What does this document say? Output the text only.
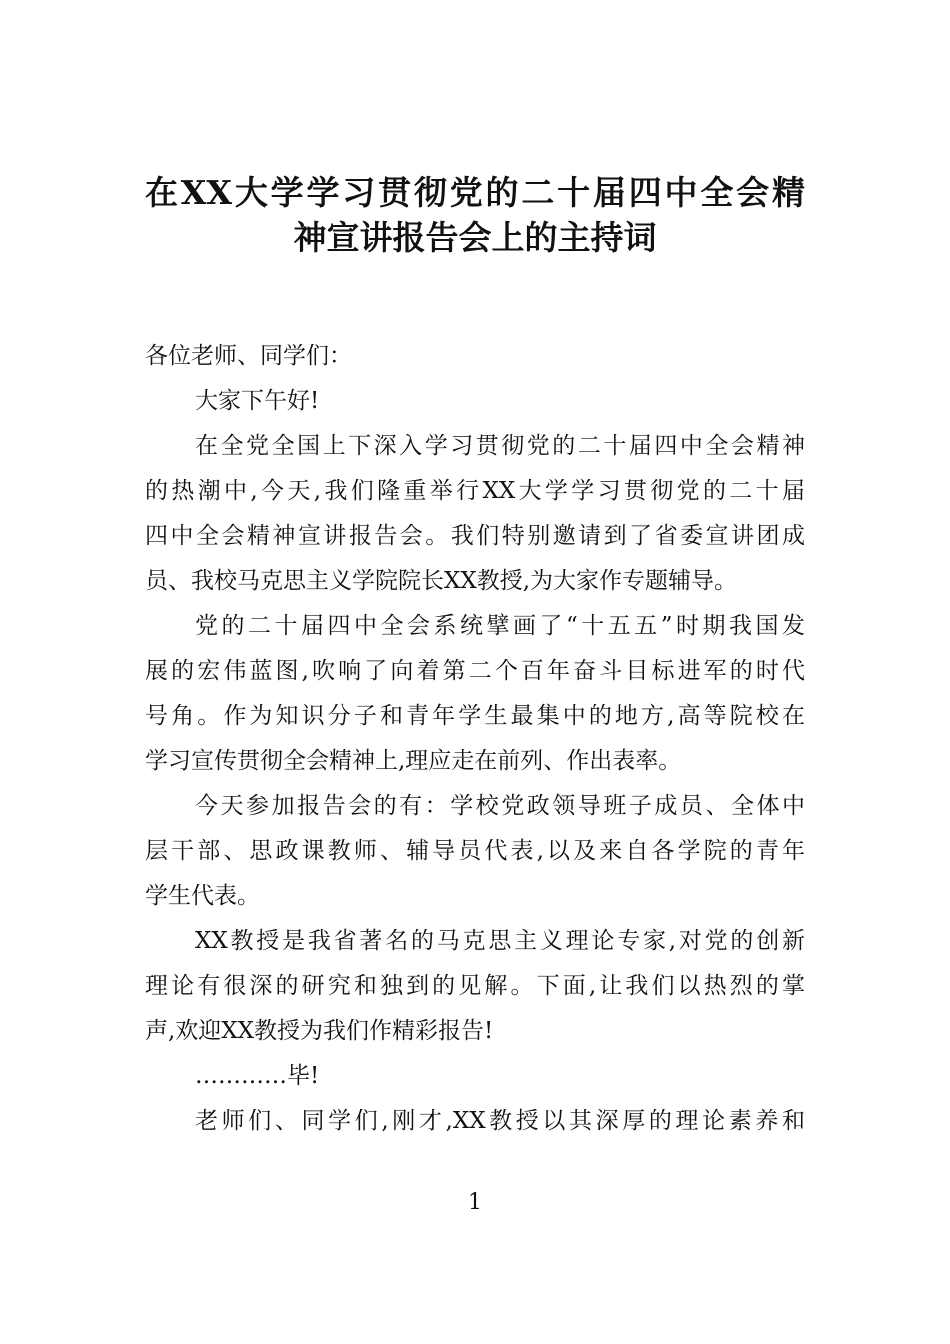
在XX大学学习贯彻党的二十届四中全会精
神宣讲报告会上的主持词
各位老师、同学们：
大家下午好!
在全党全国上下深入学习贯彻党的二十届四中全会精神
的热潮中,今天,我们隆重举行XX大学学习贯彻党的二十届
四中全会精神宣讲报告会。我们特别邀请到了省委宣讲团成
员、我校马克思主义学院院长XX教授,为大家作专题辅导。
党的二十届四中全会系统擘画了“十五五”时期我国发
展的宏伟蓝图,吹响了向着第二个百年奋斗目标进军的时代
号角。作为知识分子和青年学生最集中的地方,高等院校在
学习宣传贯彻全会精神上,理应走在前列、作出表率。
今天参加报告会的有：学校党政领导班子成员、全体中
层干部、思政课教师、辅导员代表,以及来自各学院的青年
学生代表。
XX教授是我省著名的马克思主义理论专家,对党的创新
理论有很深的研究和独到的见解。下面,让我们以热烈的掌
声,欢迎XX教授为我们作精彩报告!
…………毕!
老师们、同学们,刚才,XX教授以其深厚的理论素养和
1
